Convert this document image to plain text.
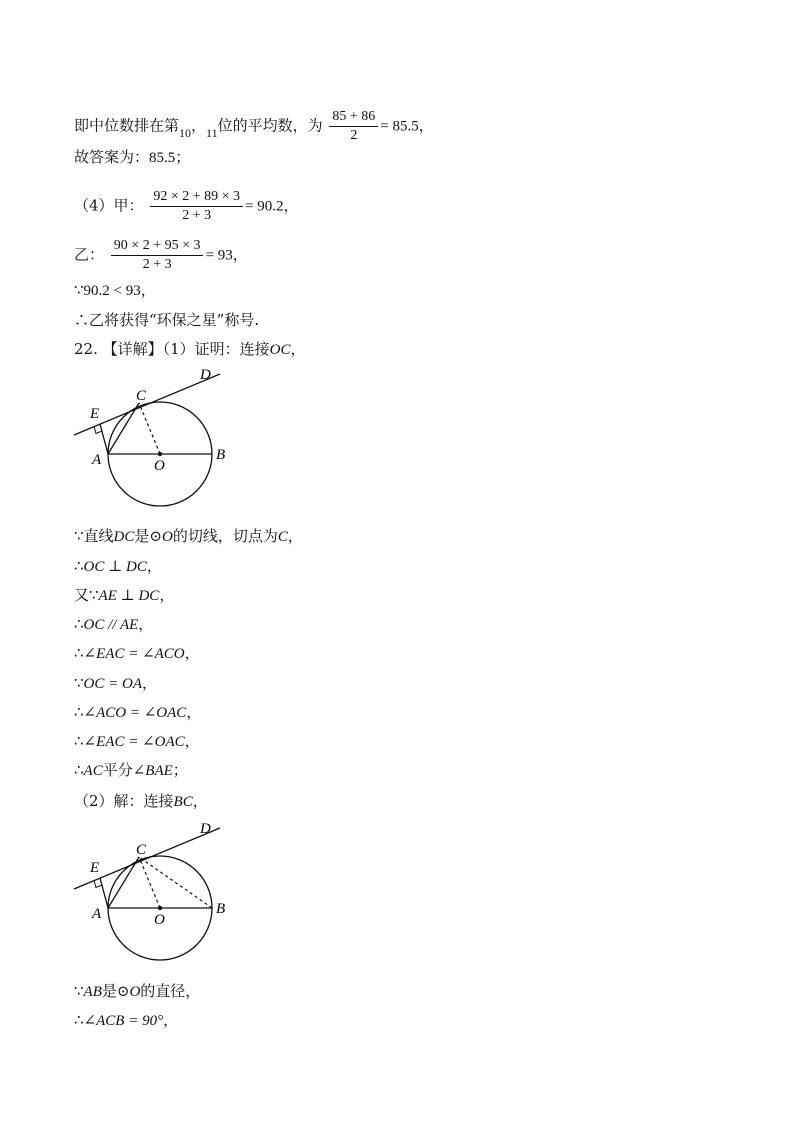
即中位数排在第$_{10}$，$_{11}$位的平均数，为 $\frac{85 + 86}{2} = 85.5$，
故答案为：85.5；
（4）甲： $\frac{92 \times 2 + 89 \times 3}{2 + 3} = 90.2$，
乙： $\frac{90 \times 2 + 95 \times 3}{2 + 3} = 93$，
∵90.2 < 93，
∴乙将获得“环保之星”称号.
22. 【详解】（1）证明：连接OC，
E
C
D
A	O
B
∵直线DC是⊙O的切线，切点为C，
∴OC ⊥ DC，
又∵AE ⊥ DC，
∴OC // AE，
∴∠EAC = ∠ACO，
∵OC = OA，
∴∠ACO = ∠OAC，
∴∠EAC = ∠OAC，
∴AC平分∠BAE；
（2）解：连接BC，
E
C
D
A	O
B
∵AB是⊙O的直径，
∴∠ACB = 90°，
